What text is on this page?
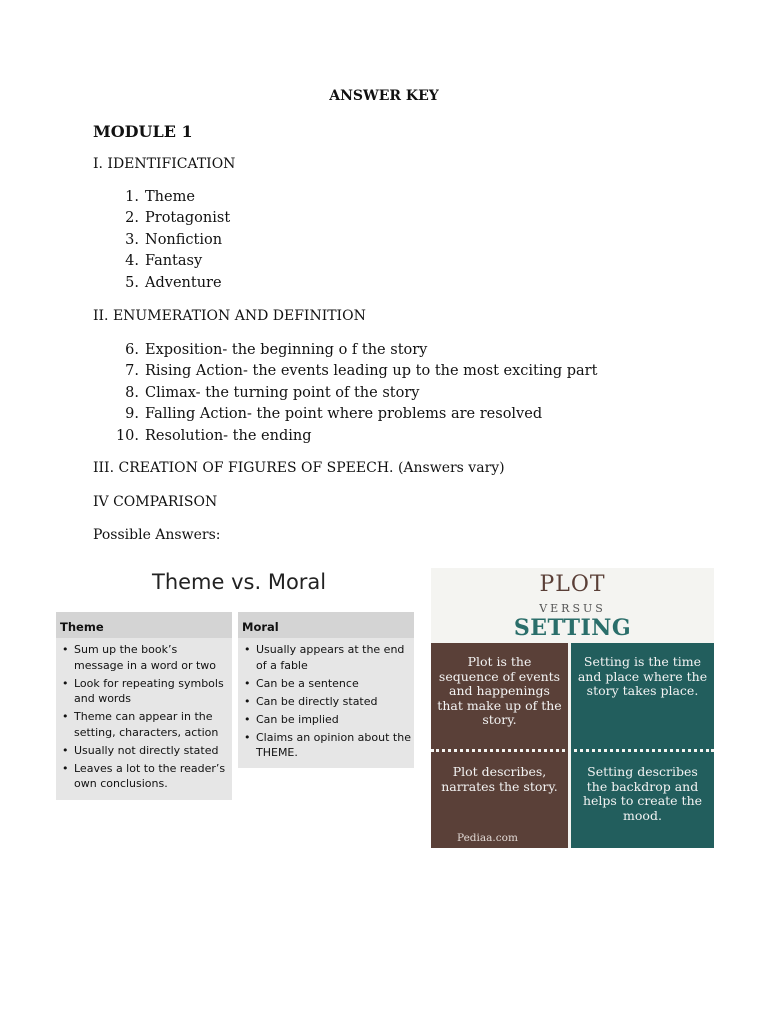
ANSWER KEY
MODULE 1
I. IDENTIFICATION
1. Theme
2. Protagonist
3. Nonfiction
4. Fantasy
5. Adventure
II. ENUMERATION AND DEFINITION
6. Exposition- the beginning o f the story
7. Rising Action- the events leading up to the most exciting part
8. Climax- the turning point of the story
9. Falling Action- the point where problems are resolved
10. Resolution- the ending
III. CREATION OF FIGURES OF SPEECH. (Answers vary)
IV COMPARISON
Possible Answers:
Theme vs. Moral
Theme
• Sum up the bookʼs message in a word or two
• Look for repeating symbols and words
• Theme can appear in the setting, characters, action
• Usually not directly stated
• Leaves a lot to the reader’s own conclusions.
Moral
• Usually appears at the end of a fable
• Can be a sentence
• Can be directly stated
• Can be implied
• Claims an opinion about the THEME.
PLOT
VERSUS
SETTING
Plot is the sequence of events and happenings that make up of the story.
Setting is the time and place where the story takes place.
Plot describes, narrates the story.
Setting describes the backdrop and helps to create the mood.
Pediaa.com
